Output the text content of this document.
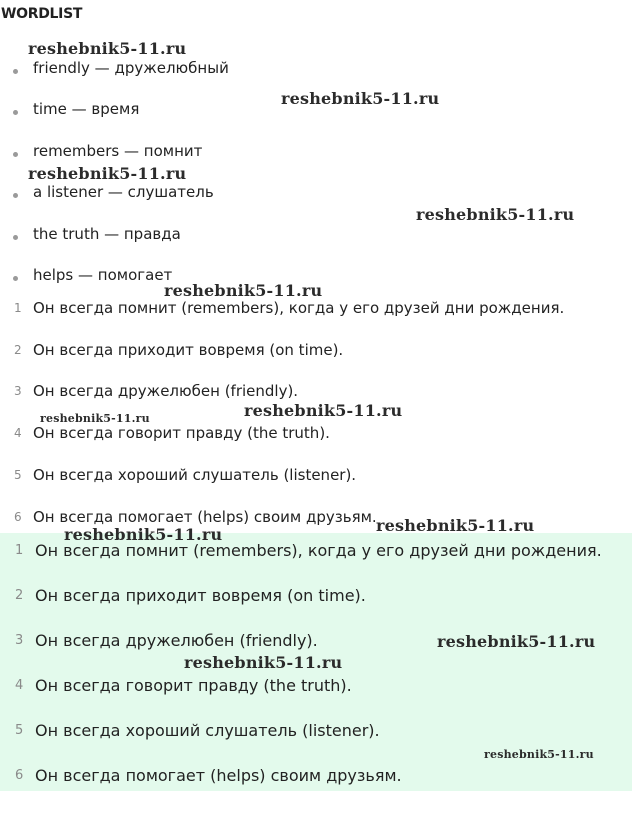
WORDLIST
friendly — дружелюбный
time — время
remembers — помнит
a listener — слушатель
the truth — правда
helps — помогает
1 Он всегда помнит (remembers), когда у его друзей дни рождения.
2 Он всегда приходит вовремя (on time).
3 Он всегда дружелюбен (friendly).
4 Он всегда говорит правду (the truth).
5 Он всегда хороший слушатель (listener).
6 Он всегда помогает (helps) своим друзьям.
1 Он всегда помнит (remembers), когда у его друзей дни рождения.
2 Он всегда приходит вовремя (on time).
3 Он всегда дружелюбен (friendly).
4 Он всегда говорит правду (the truth).
5 Он всегда хороший слушатель (listener).
6 Он всегда помогает (helps) своим друзьям.
reshebnik5-11.ru
reshebnik5-11.ru
reshebnik5-11.ru
reshebnik5-11.ru
reshebnik5-11.ru
reshebnik5-11.ru	reshebnik5-11.ru
reshebnik5-11.ru	reshebnik5-11.ru
reshebnik5-11.ru
reshebnik5-11.ru
reshebnik5-11.ru
